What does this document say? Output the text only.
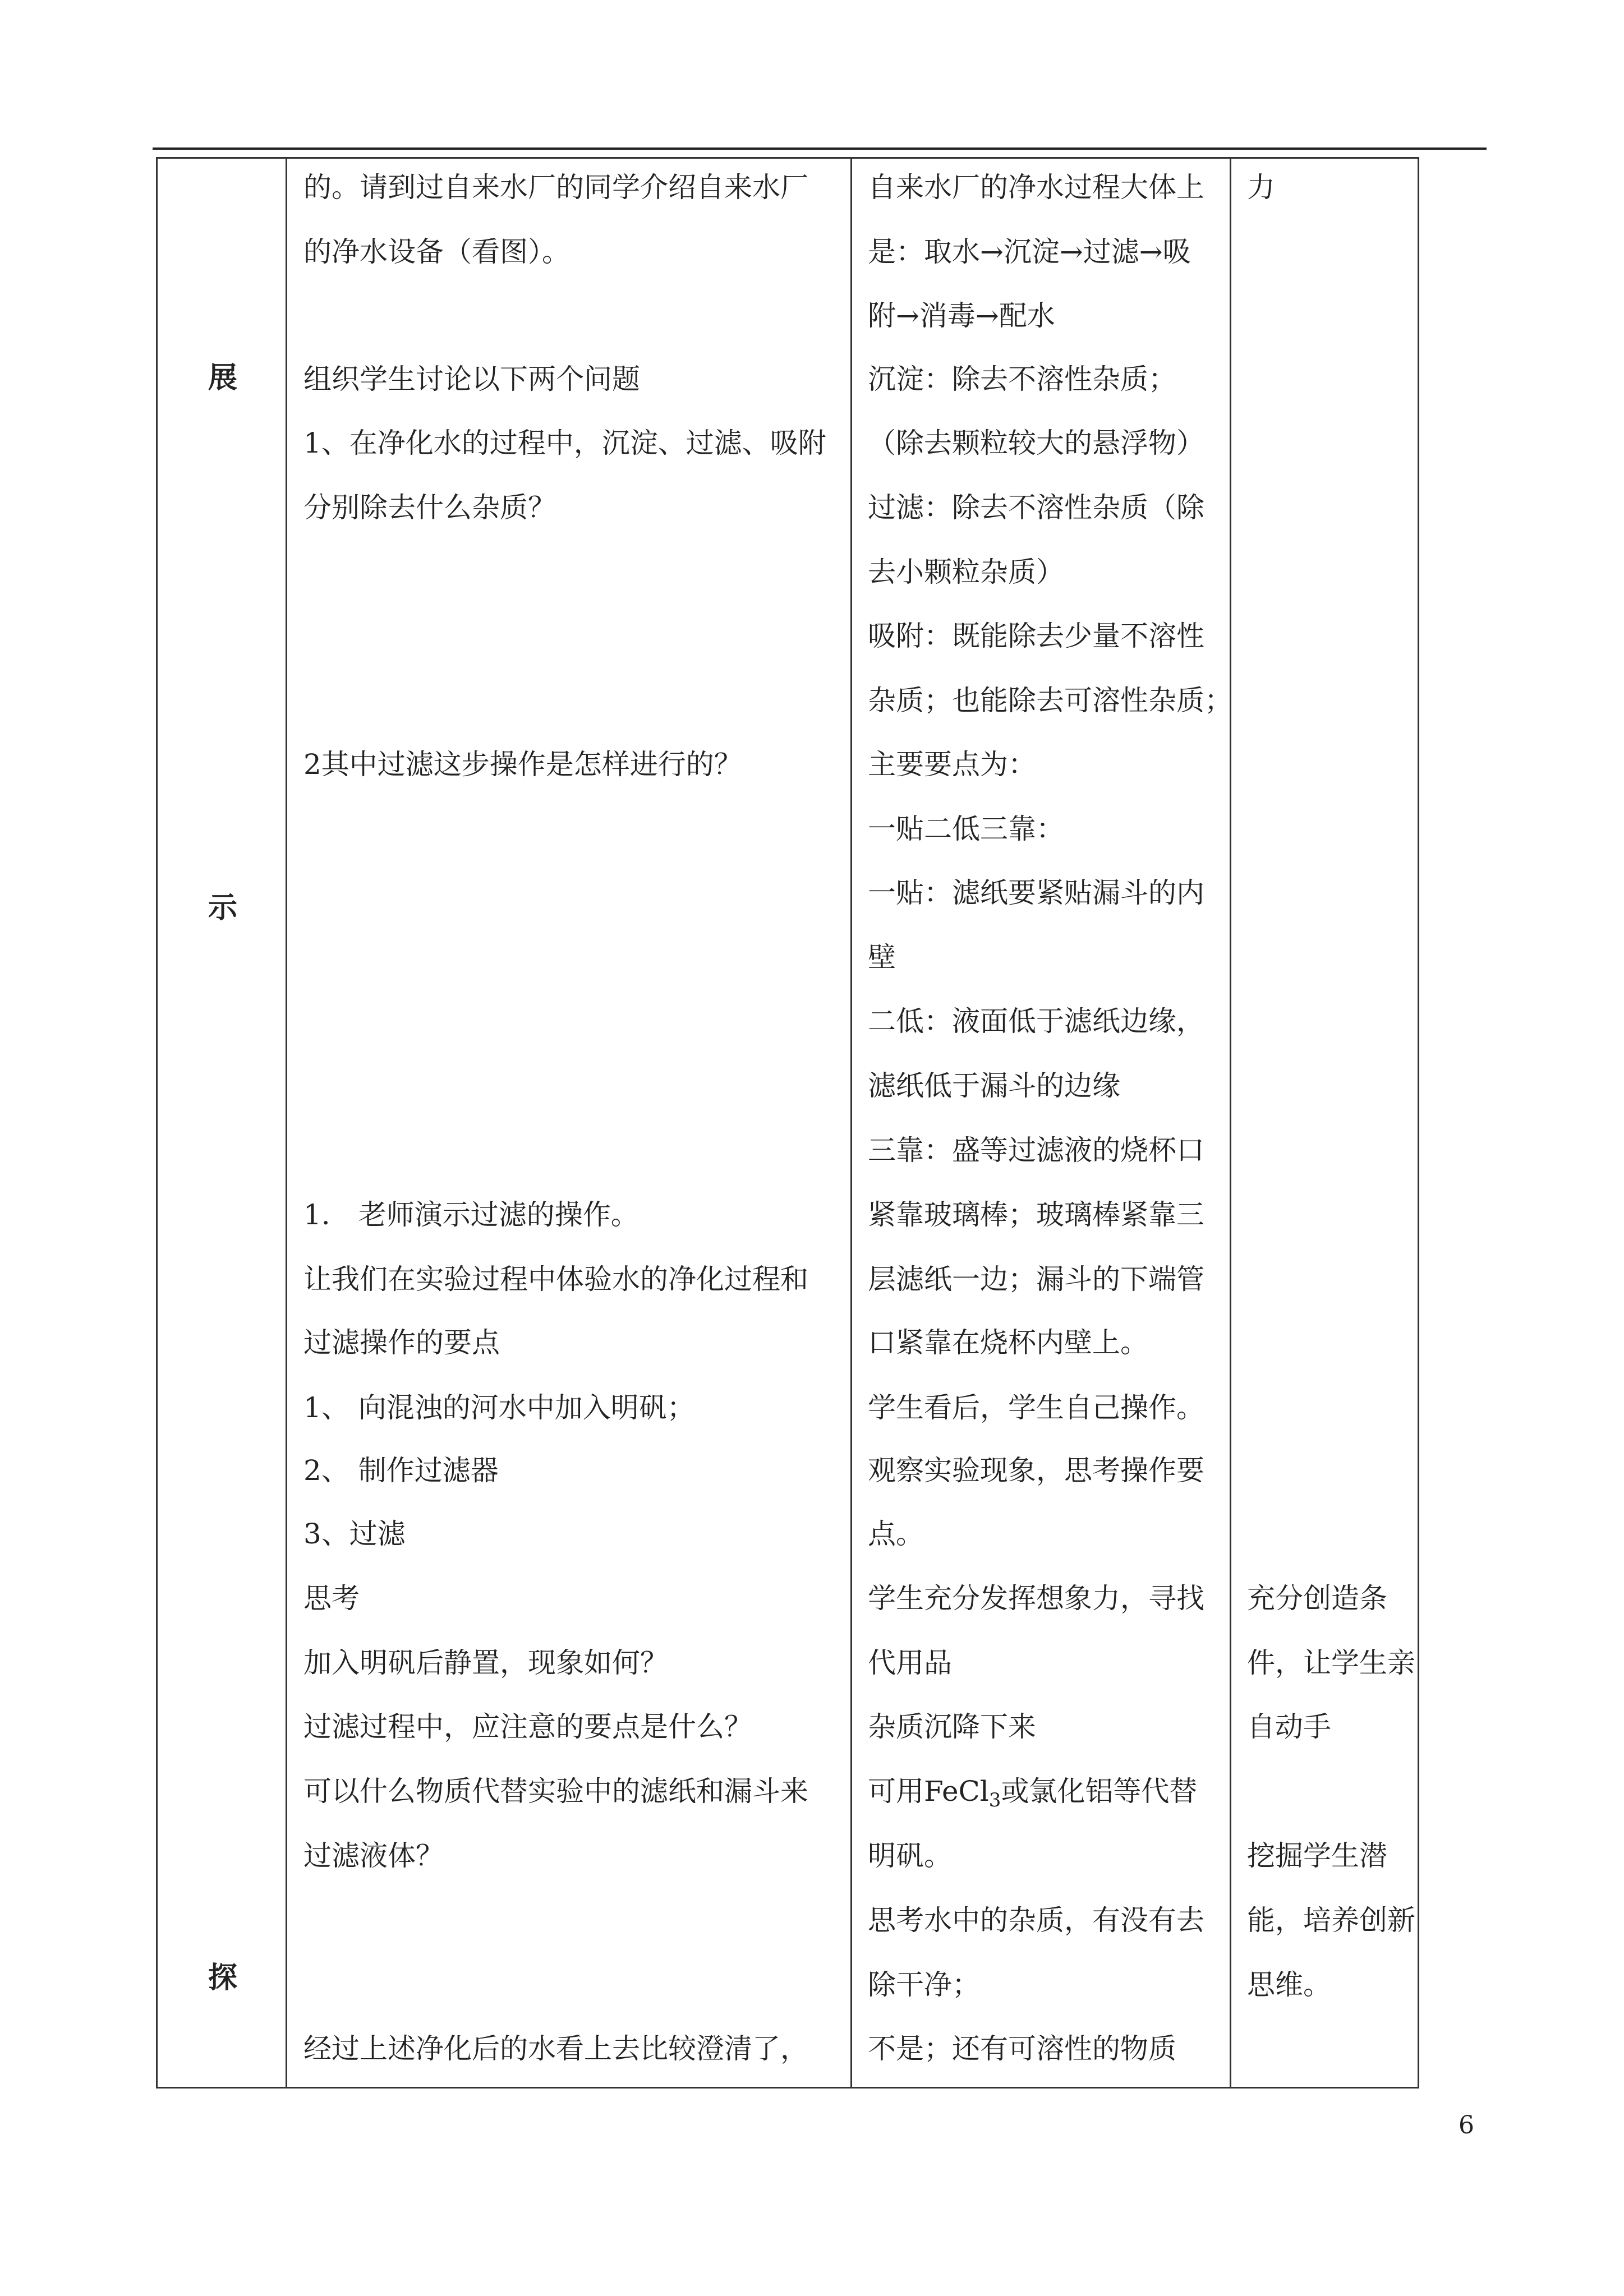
展
示
探
的。请到过自来水厂的同学介绍自来水厂
的净水设备（看图）。
组织学生讨论以下两个问题
1、在净化水的过程中，沉淀、过滤、吸附
分别除去什么杂质？
2其中过滤这步操作是怎样进行的？
1.　老师演示过滤的操作。
让我们在实验过程中体验水的净化过程和
过滤操作的要点
1、 向混浊的河水中加入明矾；
2、 制作过滤器
3、过滤
思考
加入明矾后静置，现象如何？
过滤过程中，应注意的要点是什么？
可以什么物质代替实验中的滤纸和漏斗来
过滤液体？
经过上述净化后的水看上去比较澄清了，
自来水厂的净水过程大体上
是：取水→沉淀→过滤→吸
附→消毒→配水
沉淀：除去不溶性杂质；
（除去颗粒较大的悬浮物）
过滤：除去不溶性杂质（除
去小颗粒杂质）
吸附：既能除去少量不溶性
杂质；也能除去可溶性杂质；
主要要点为：
一贴二低三靠：
一贴：滤纸要紧贴漏斗的内
壁
二低：液面低于滤纸边缘，
滤纸低于漏斗的边缘
三靠：盛等过滤液的烧杯口
紧靠玻璃棒；玻璃棒紧靠三
层滤纸一边；漏斗的下端管
口紧靠在烧杯内壁上。
学生看后，学生自己操作。
观察实验现象，思考操作要
点。
学生充分发挥想象力，寻找
代用品
杂质沉降下来
可用FeCl$_3$或氯化铝等代替
明矾。
思考水中的杂质，有没有去
除干净；
不是；还有可溶性的物质
力
充分创造条
件，让学生亲
自动手
挖掘学生潜
能，培养创新
思维。
6
